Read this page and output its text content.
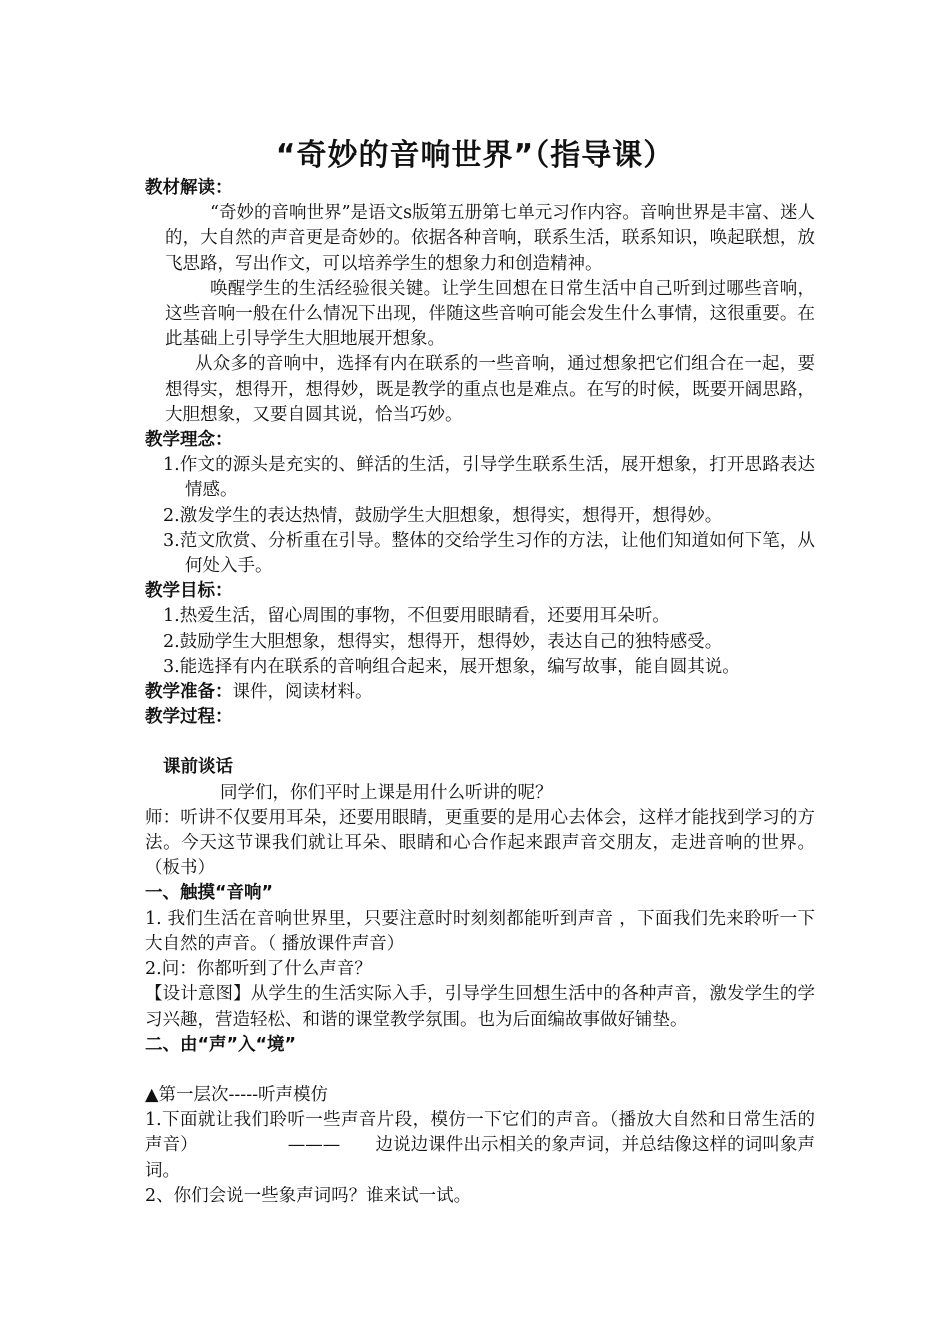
“奇妙的音响世界”（指导课）

教材解读：

“奇妙的音响世界”是语文s版第五册第七单元习作内容。音响世界是丰富、迷人的，大自然的声音更是奇妙的。依据各种音响，联系生活，联系知识，唤起联想，放飞思路，写出作文，可以培养学生的想象力和创造精神。

唤醒学生的生活经验很关键。让学生回想在日常生活中自己听到过哪些音响，这些音响一般在什么情况下出现，伴随这些音响可能会发生什么事情，这很重要。在此基础上引导学生大胆地展开想象。

从众多的音响中，选择有内在联系的一些音响，通过想象把它们组合在一起，要想得实，想得开，想得妙，既是教学的重点也是难点。在写的时候，既要开阔思路，大胆想象，又要自圆其说，恰当巧妙。

教学理念：

1.作文的源头是充实的、鲜活的生活，引导学生联系生活，展开想象，打开思路表达情感。

2.激发学生的表达热情，鼓励学生大胆想象，想得实，想得开，想得妙。

3.范文欣赏、分析重在引导。整体的交给学生习作的方法，让他们知道如何下笔，从何处入手。

教学目标：

1.热爱生活，留心周围的事物，不但要用眼睛看，还要用耳朵听。

2.鼓励学生大胆想象，想得实，想得开，想得妙，表达自己的独特感受。

3.能选择有内在联系的音响组合起来，展开想象，编写故事，能自圆其说。

教学准备：课件，阅读材料。

教学过程：

课前谈话

同学们，你们平时上课是用什么听讲的呢？

师：听讲不仅要用耳朵，还要用眼睛，更重要的是用心去体会，这样才能找到学习的方法。今天这节课我们就让耳朵、眼睛和心合作起来跟声音交朋友，走进音响的世界。（板书）

一、触摸“音响”

1. 我们生活在音响世界里，只要注意时时刻刻都能听到声音 ，下面我们先来聆听一下大自然的声音。（ 播放课件声音）

2.问：你都听到了什么声音？

【设计意图】从学生的生活实际入手，引导学生回想生活中的各种声音，激发学生的学习兴趣，营造轻松、和谐的课堂教学氛围。也为后面编故事做好铺垫。

二、由“声”入“境”

▲第一层次-----听声模仿

1.下面就让我们聆听一些声音片段，模仿一下它们的声音。（播放大自然和日常生活的声音）	———　　边说边课件出示相关的象声词，并总结像这样的词叫象声词。

2、你们会说一些象声词吗？谁来试一试。
